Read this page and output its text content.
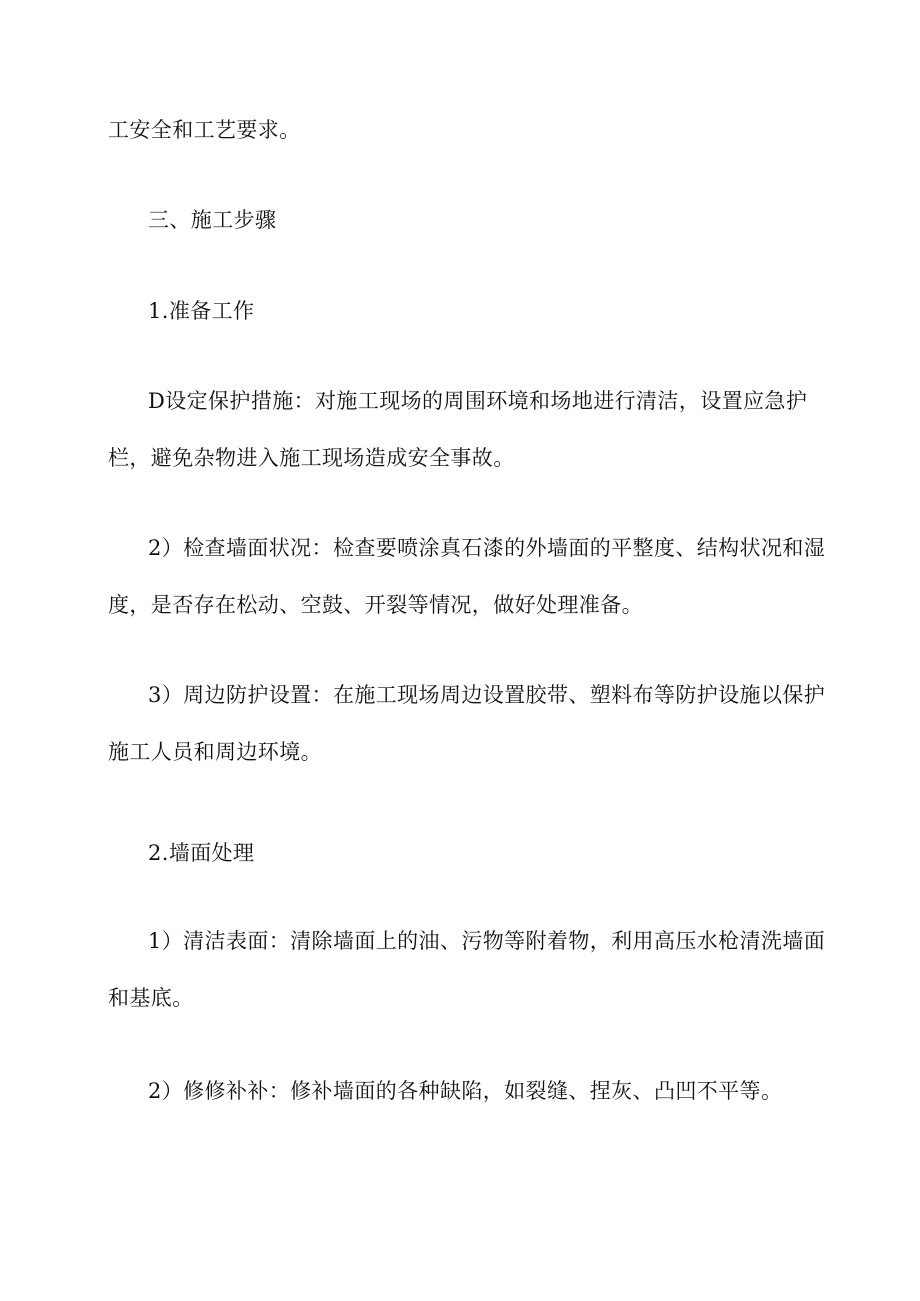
工安全和工艺要求。
三、施工步骤
1.准备工作
D设定保护措施：对施工现场的周围环境和场地进行清洁，设置应急护
栏，避免杂物进入施工现场造成安全事故。
2）检查墙面状况：检查要喷涂真石漆的外墙面的平整度、结构状况和湿
度，是否存在松动、空鼓、开裂等情况，做好处理准备。
3）周边防护设置：在施工现场周边设置胶带、塑料布等防护设施以保护
施工人员和周边环境。
2.墙面处理
1）清洁表面：清除墙面上的油、污物等附着物，利用高压水枪清洗墙面
和基底。
2）修修补补：修补墙面的各种缺陷，如裂缝、捏灰、凸凹不平等。
